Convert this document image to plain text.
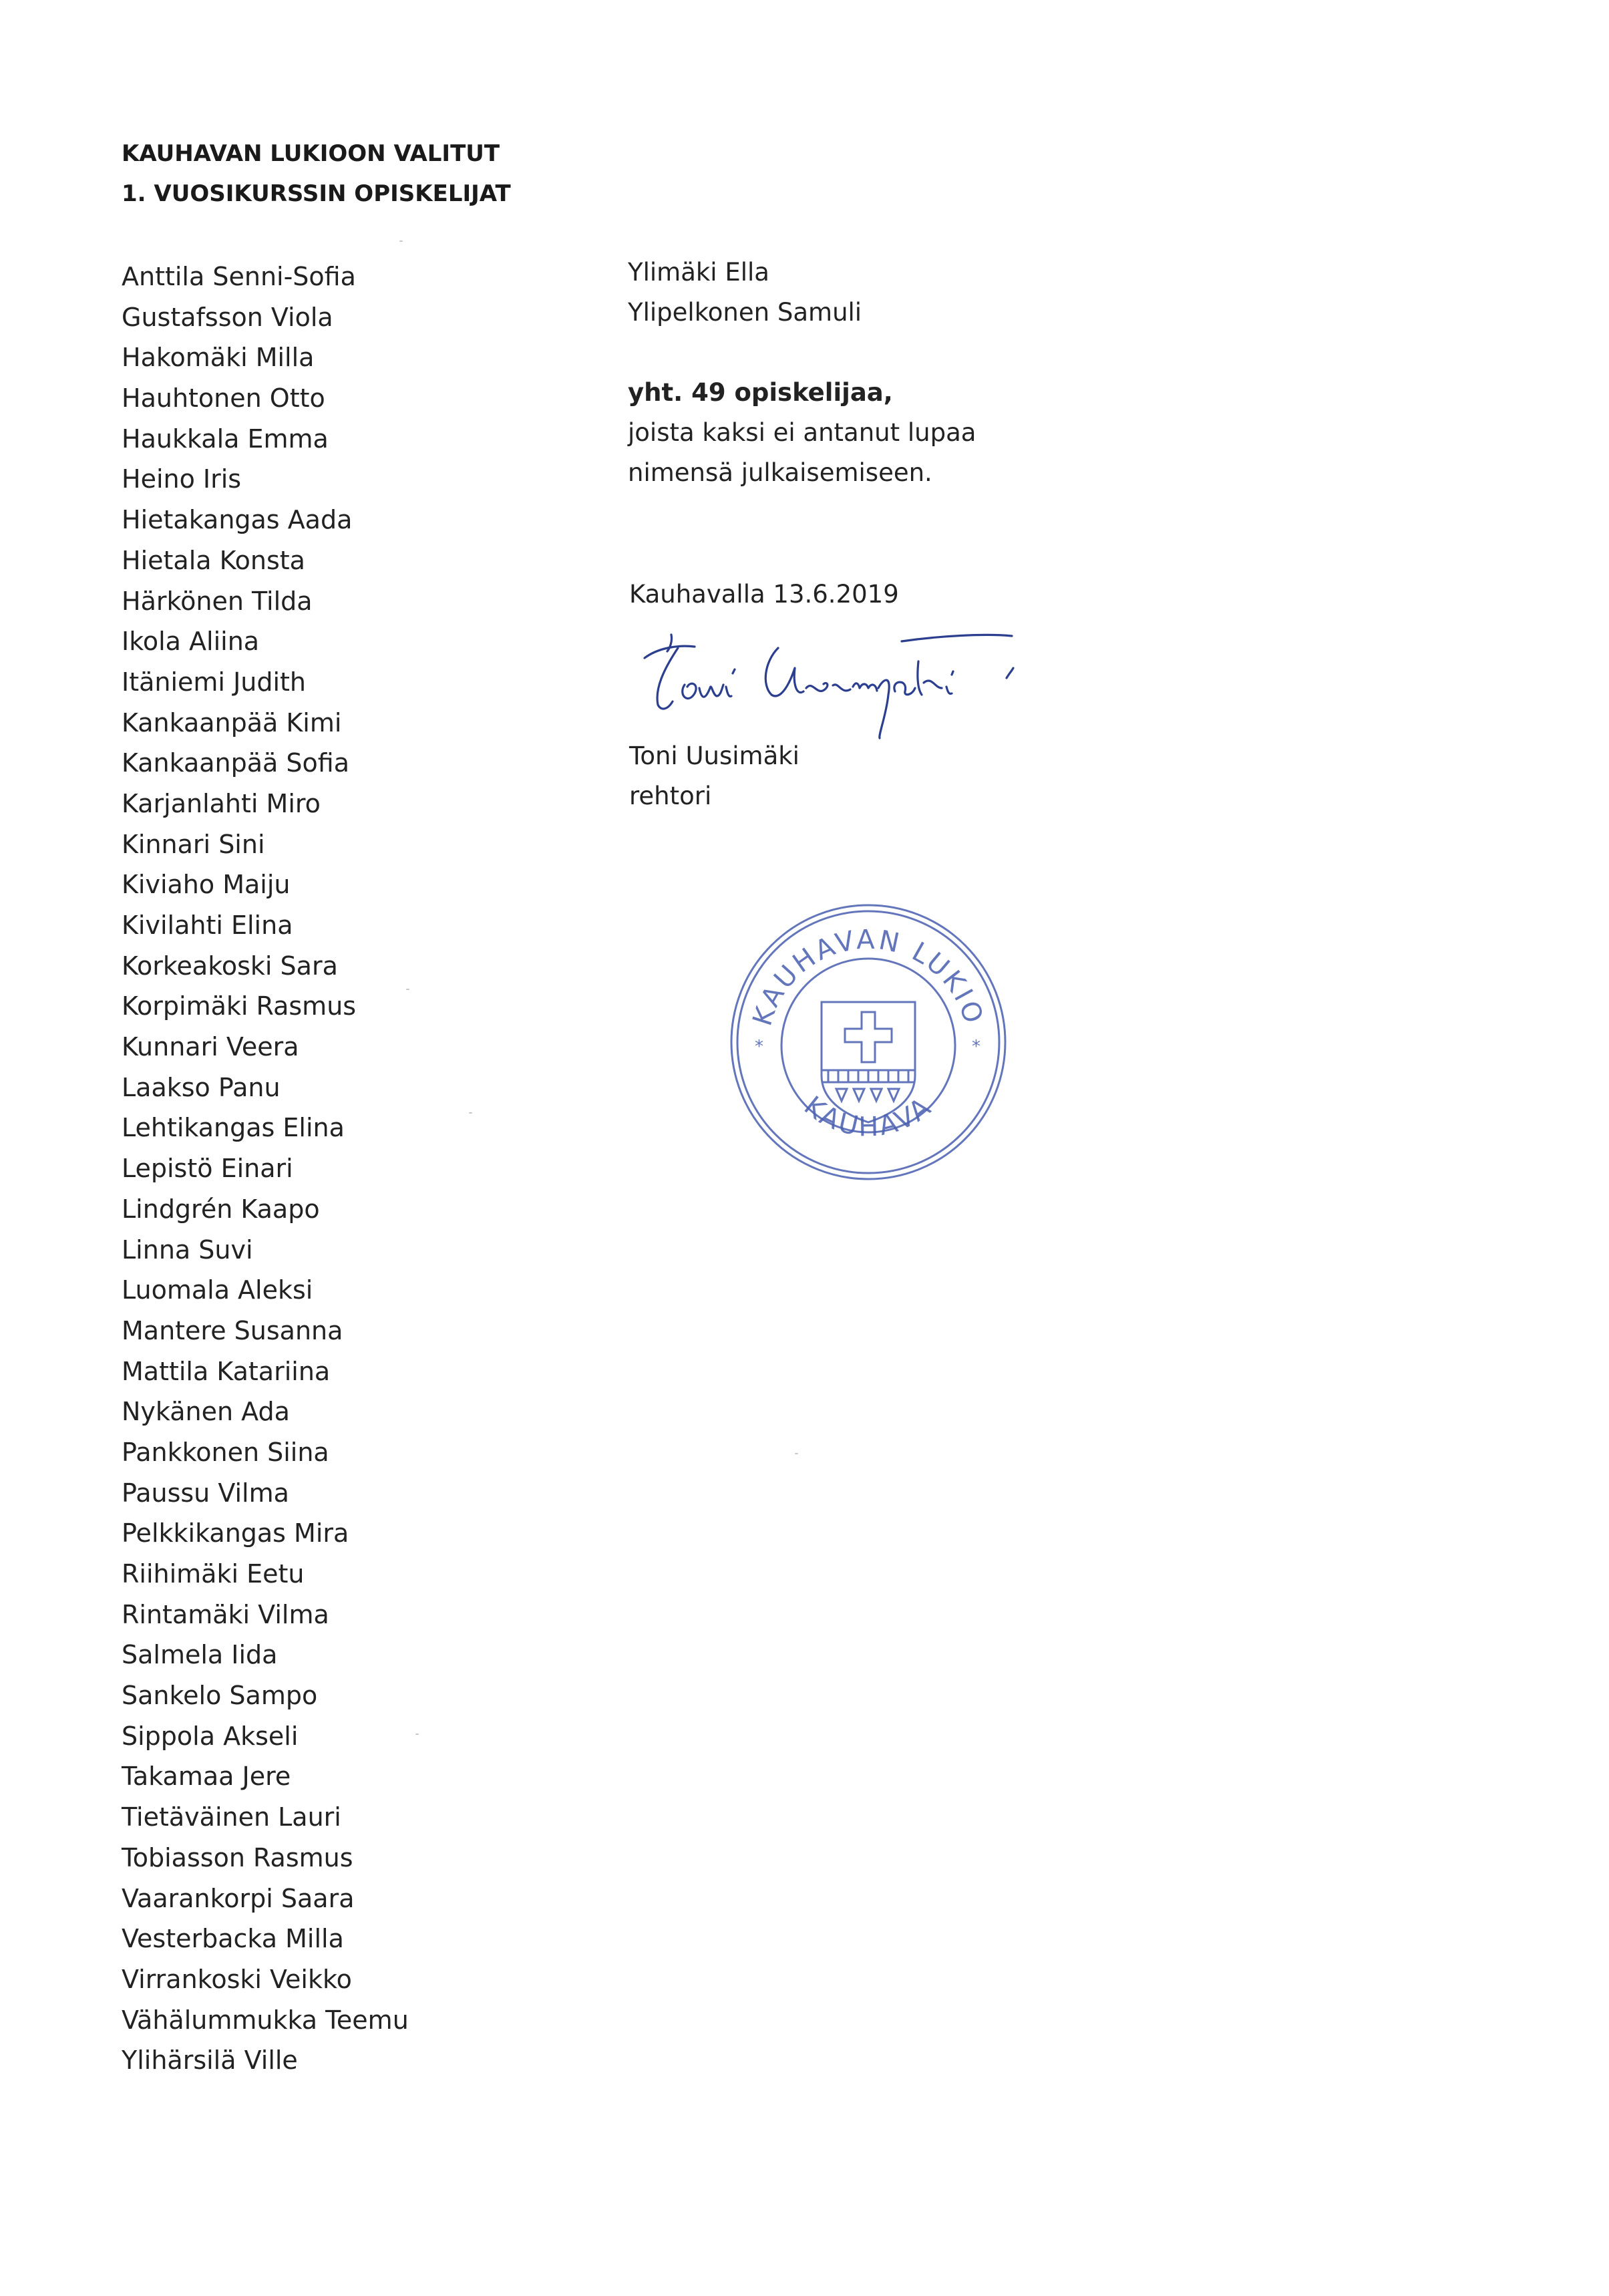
KAUHAVAN LUKIOON VALITUT
1. VUOSIKURSSIN OPISKELIJAT
Anttila Senni-Sofia
Gustafsson Viola
Hakomäki Milla
Hauhtonen Otto
Haukkala Emma
Heino Iris
Hietakangas Aada
Hietala Konsta
Härkönen Tilda
Ikola Aliina
Itäniemi Judith
Kankaanpää Kimi
Kankaanpää Sofia
Karjanlahti Miro
Kinnari Sini
Kiviaho Maiju
Kivilahti Elina
Korkeakoski Sara
Korpimäki Rasmus
Kunnari Veera
Laakso Panu
Lehtikangas Elina
Lepistö Einari
Lindgrén Kaapo
Linna Suvi
Luomala Aleksi
Mantere Susanna
Mattila Katariina
Nykänen Ada
Pankkonen Siina
Paussu Vilma
Pelkkikangas Mira
Riihimäki Eetu
Rintamäki Vilma
Salmela Iida
Sankelo Sampo
Sippola Akseli
Takamaa Jere
Tietäväinen Lauri
Tobiasson Rasmus
Vaarankorpi Saara
Vesterbacka Milla
Virrankoski Veikko
Vähälummukka Teemu
Ylihärsilä Ville
Ylimäki Ella
Ylipelkonen Samuli
yht. 49 opiskelijaa,
joista kaksi ei antanut lupaa
nimensä julkaisemiseen.
Kauhavalla 13.6.2019
Toni Uusimäki
rehtori
KAUHAVAN LUKIO
KAUHAVA
*	*
